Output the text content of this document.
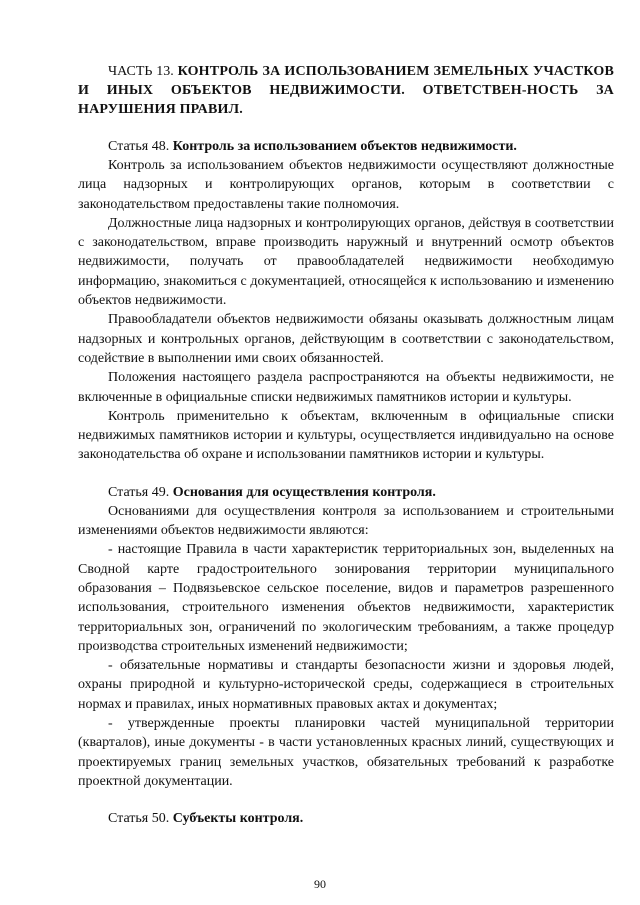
ЧАСТЬ 13. КОНТРОЛЬ ЗА ИСПОЛЬЗОВАНИЕМ ЗЕМЕЛЬНЫХ УЧАСТКОВ И ИНЫХ ОБЪЕКТОВ НЕДВИЖИМОСТИ. ОТВЕТСТВЕН-НОСТЬ ЗА НАРУШЕНИЯ ПРАВИЛ.

Статья 48. Контроль за использованием объектов недвижимости.

Контроль за использованием объектов недвижимости осуществляют должностные лица надзорных и контролирующих органов, которым в соответствии с законодательством предоставлены такие полномочия.

Должностные лица надзорных и контролирующих органов, действуя в соответствии с законодательством, вправе производить наружный и внутренний осмотр объектов недвижимости, получать от правообладателей недвижимости необходимую информацию, знакомиться с документацией, относящейся к использованию и изменению объектов недвижимости.

Правообладатели объектов недвижимости обязаны оказывать должностным лицам надзорных и контрольных органов, действующим в соответствии с законодательством, содействие в выполнении ими своих обязанностей.

Положения настоящего раздела распространяются на объекты недвижимости, не включенные в официальные списки недвижимых памятников истории и культуры.

Контроль применительно к объектам, включенным в официальные списки недвижимых памятников истории и культуры, осуществляется индивидуально на основе законодательства об охране и использовании памятников истории и культуры.

Статья 49. Основания для осуществления контроля.

Основаниями для осуществления контроля за использованием и строительными изменениями объектов недвижимости являются:

- настоящие Правила в части характеристик территориальных зон, выделенных на Сводной карте градостроительного зонирования территории муниципального образования – Подвязьевское сельское поселение, видов и параметров разрешенного использования, строительного изменения объектов недвижимости, характеристик территориальных зон, ограничений по экологическим требованиям, а также процедур производства строительных изменений недвижимости;

- обязательные нормативы и стандарты безопасности жизни и здоровья людей, охраны природной и культурно-исторической среды, содержащиеся в строительных нормах и правилах, иных нормативных правовых актах и документах;

- утвержденные проекты планировки частей муниципальной территории (кварталов), иные документы - в части установленных красных линий, существующих и проектируемых границ земельных участков, обязательных требований к разработке проектной документации.

Статья 50. Субъекты контроля.

90
